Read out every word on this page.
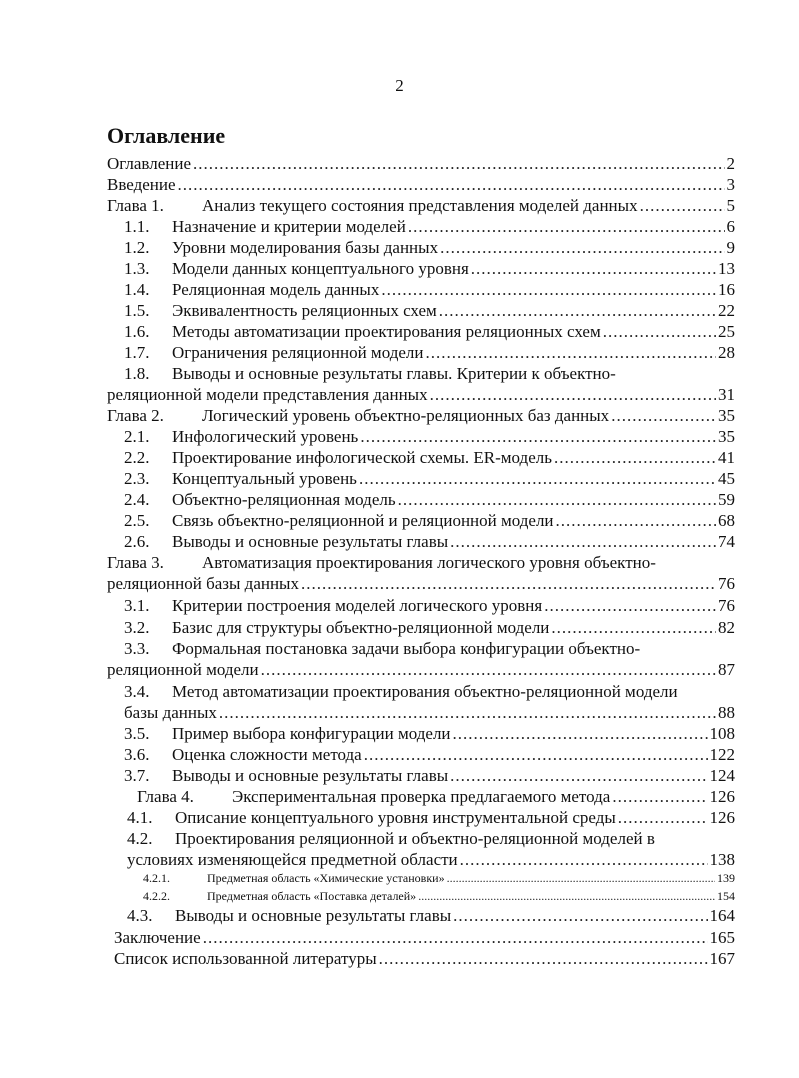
2
Оглавление
Оглавление .....	2
Введение .....	3
Глава 1.	Анализ текущего состояния представления моделей данных .....	5
1.1.	Назначение и критерии моделей .....	6
1.2.	Уровни моделирования базы данных .....	9
1.3.	Модели данных концептуального уровня .....	13
1.4.	Реляционная модель данных .....	16
1.5.	Эквивалентность реляционных схем .....	22
1.6.	Методы автоматизации проектирования реляционных схем .....	25
1.7.	Ограничения реляционной модели .....	28
1.8. Выводы и основные результаты главы. Критерии к объектно-
реляционной модели представления данных .....	31
Глава 2.	Логический уровень объектно-реляционных баз данных .....	35
2.1.	Инфологический уровень .....	35
2.2.	Проектирование инфологической схемы. ER-модель .....	41
2.3.	Концептуальный уровень .....	45
2.4.	Объектно-реляционная модель .....	59
2.5.	Связь объектно-реляционной и реляционной модели .....	68
2.6.	Выводы и основные результаты главы .....	74
Глава 3. Автоматизация проектирования логического уровня объектно-
реляционной базы данных .....	76
3.1.	Критерии построения моделей логического уровня .....	76
3.2.	Базис для структуры объектно-реляционной модели .....	82
3.3. Формальная постановка задачи выбора конфигурации объектно-
реляционной модели .....	87
3.4. Метод автоматизации проектирования объектно-реляционной модели
базы данных .....	88
3.5.	Пример выбора конфигурации модели .....	108
3.6.	Оценка сложности метода .....	122
3.7.	Выводы и основные результаты главы .....	124
Глава 4.	Экспериментальная проверка предлагаемого метода .....	126
4.1.	Описание концептуального уровня инструментальной среды .....	126
4.2. Проектирования реляционной и объектно-реляционной моделей в
условиях изменяющейся предметной области .....	138
4.2.1.	Предметная область «Химические установки» .....	139
4.2.2.	Предметная область «Поставка деталей» .....	154
4.3.	Выводы и основные результаты главы .....	164
Заключение .....	165
Список использованной литературы .....	167
